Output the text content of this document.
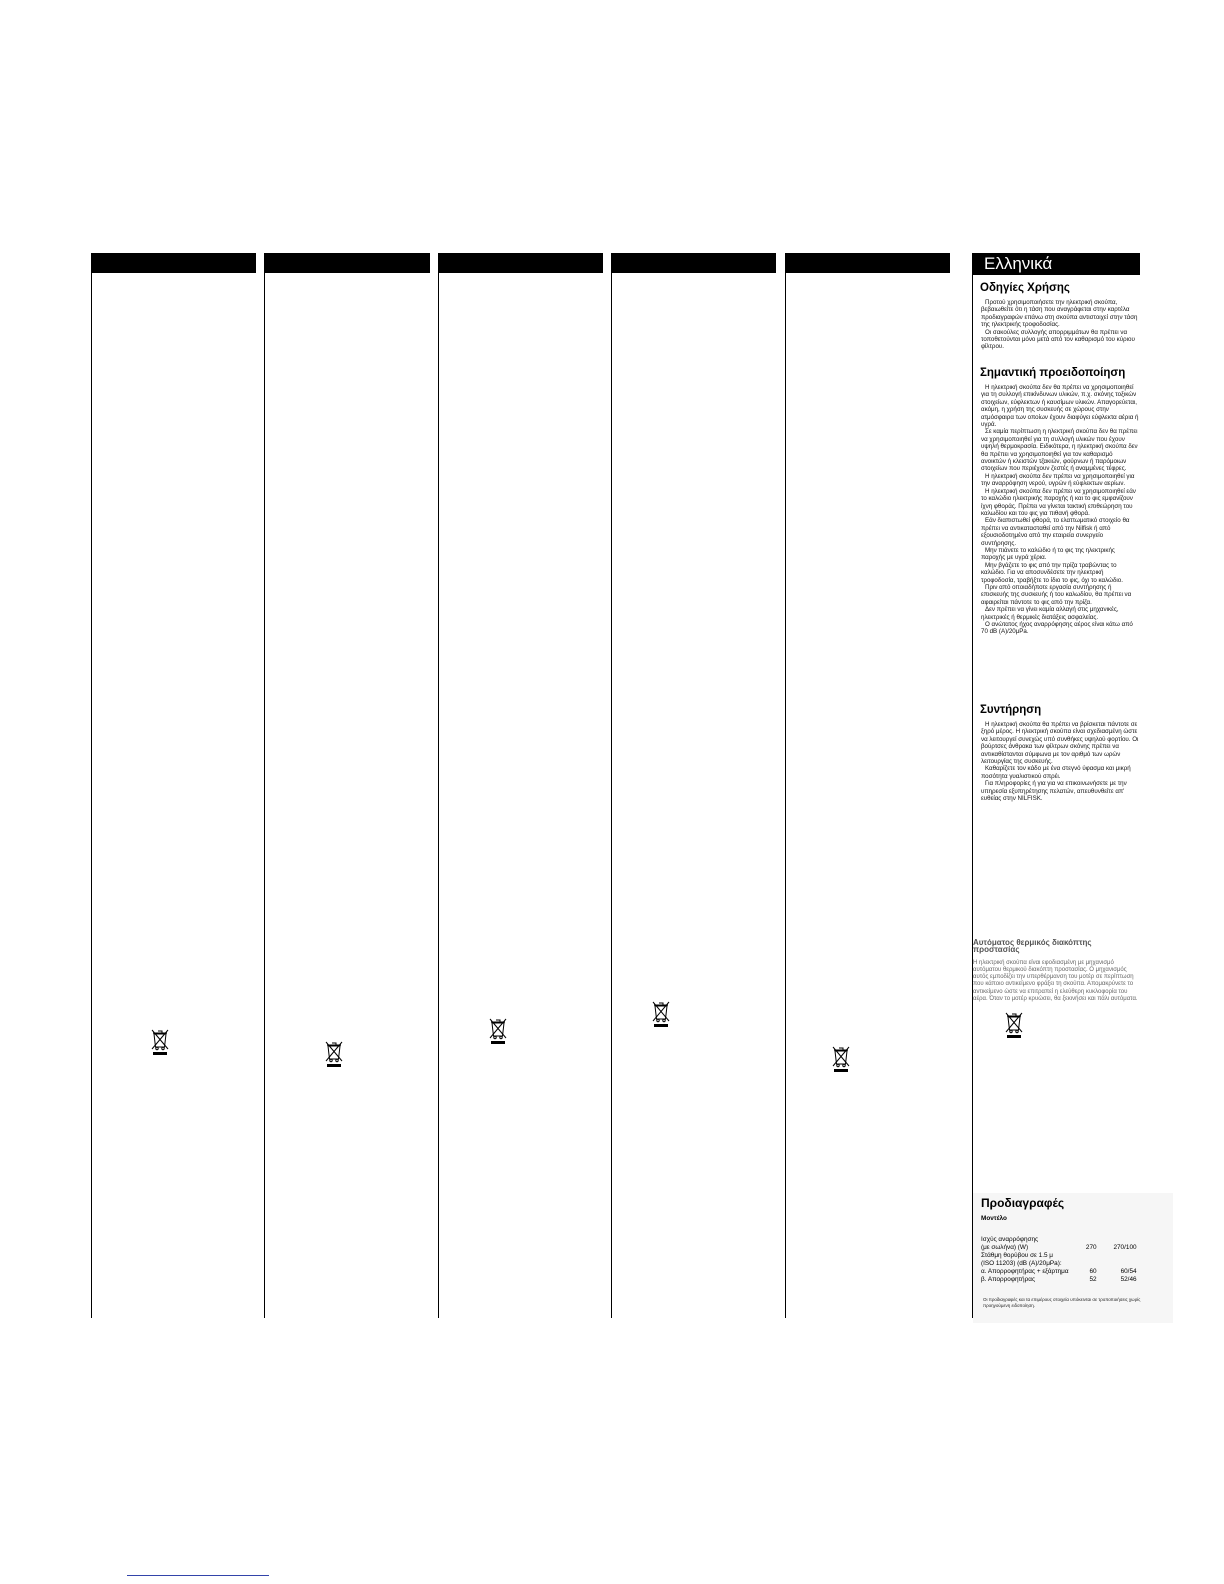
Ελληνικά
Οδηγίες Χρήσης

Προτού χρησιμοποιήσετε την ηλεκτρική σκούπα, βεβαιωθείτε ότι η τάση που αναγράφεται στην καρτέλα προδιαγραφών επάνω στη σκούπα αντιστοιχεί στην τάση της ηλεκτρικής τροφοδοσίας.

Οι σακούλες συλλογής απορριμμάτων θα πρέπει να τοποθετούνται μόνο μετά από τον καθαρισμό του κύριου φίλτρου.

Σημαντική προειδοποίηση

Η ηλεκτρική σκούπα δεν θα πρέπει να χρησιμοποιηθεί για τη συλλογή επικίνδυνων υλικών, π.χ. σκόνης τοξικών στοιχείων, εύφλεκτων ή καυσίμων υλικών. Απαγορεύεται, ακόμη, η χρήση της συσκευής σε χώρους στην ατμόσφαιρα των οποίων έχουν διαφύγει εύφλεκτα αέρια ή υγρά.

Σε καμία περίπτωση η ηλεκτρική σκούπα δεν θα πρέπει να χρησιμοποιηθεί για τη συλλογή υλικών που έχουν υψηλή θερμοκρασία. Ειδικότερα, η ηλεκτρική σκούπα δεν θα πρέπει να χρησιμοποιηθεί για τον καθαρισμό ανοικτών ή κλειστών τζακιών, φούρνων ή παρόμοιων στοιχείων που περιέχουν ζεστές ή αναμμένες τέφρες.

Η ηλεκτρική σκούπα δεν πρέπει να χρησιμοποιηθεί για την αναρρόφηση νερού, υγρών ή εύφλεκτων αερίων.

Η ηλεκτρική σκούπα δεν πρέπει να χρησιμοποιηθεί εάν το καλώδιο ηλεκτρικής παροχής ή και το φις εμφανίζουν ίχνη φθοράς. Πρέπει να γίνεται τακτική επιθεώρηση του καλωδίου και του φις για πιθανή φθορά.

Εάν διαπιστωθεί φθορά, το ελαττωματικό στοιχείο θα πρέπει να αντικατασταθεί από την Nilfisk ή από εξουσιοδοτημένο από την εταιρεία συνεργείο συντήρησης.

Μην πιάνετε το καλώδιο ή το φις της ηλεκτρικής παροχής με υγρά χέρια.

Μην βγάζετε το φις από την πρίζα τραβώντας το καλώδιο. Για να αποσυνδέσετε την ηλεκτρική τροφοδοσία, τραβήξτε το ίδιο το φις, όχι το καλώδιο.

Πριν από οποιαδήποτε εργασία συντήρησης ή επισκευής της συσκευής ή του καλωδίου, θα πρέπει να αφαιρείται πάντοτε το φις από την πρίζα.

Δεν πρέπει να γίνει καμία αλλαγή στις μηχανικές, ηλεκτρικές ή θερμικές διατάξεις ασφαλείας.

Ο ανώτατος ήχος αναρρόφησης αέρος είναι κάτω από 70 dB (A)/20μPa.

Συντήρηση

Η ηλεκτρική σκούπα θα πρέπει να βρίσκεται πάντοτε σε ξηρό μέρος. Η ηλεκτρική σκούπα είναι σχεδιασμένη ώστε να λειτουργεί συνεχώς υπό συνθήκες υψηλού φορτίου. Οι βούρτσες άνθρακα των φίλτρων σκόνης πρέπει να αντικαθίστανται σύμφωνα με τον αριθμό των ωρών λειτουργίας της συσκευής.

Καθαρίζετε τον κάδο με ένα στεγνό ύφασμα και μικρή ποσότητα γυαλιστικού σπρέι.

Για πληροφορίες ή για για να επικοινωνήσετε με την υπηρεσία εξυπηρέτησης πελατών, απευθυνθείτε απ' ευθείας στην NILFISK.

Αυτόματος θερμικός διακόπτης προστασίας

Η ηλεκτρική σκούπα είναι εφοδιασμένη με μηχανισμό αυτόματου θερμικού διακόπτη προστασίας. Ο μηχανισμός αυτός εμποδίζει την υπερθέρμανση του μοτέρ σε περίπτωση που κάποιο αντικείμενο φράξει τη σκούπα. Απομακρύνετε το αντικείμενο ώστε να επιτραπεί η ελεύθερη κυκλοφορία του αέρα. Όταν το μοτέρ κρυώσει, θα ξεκινήσει και πάλι αυτόματα.

Προδιαγραφές
Μοντέλο
Ισχύς αναρρόφησης		
(με σωλήνα) (W)	270	270/100
Στάθμη θορύβου σε 1.5 μ		
(ISO 11203) (dB (A)/20μPa):		
α. Απορροφητήρας + εξάρτημα	60	60/54
β. Απορροφητήρας	52	52/46
Οι προδιαγραφές και τα επιμέρους στοιχεία υπόκεινται σε τροποποιήσεις χωρίς προηγούμενη ειδοποίηση.
